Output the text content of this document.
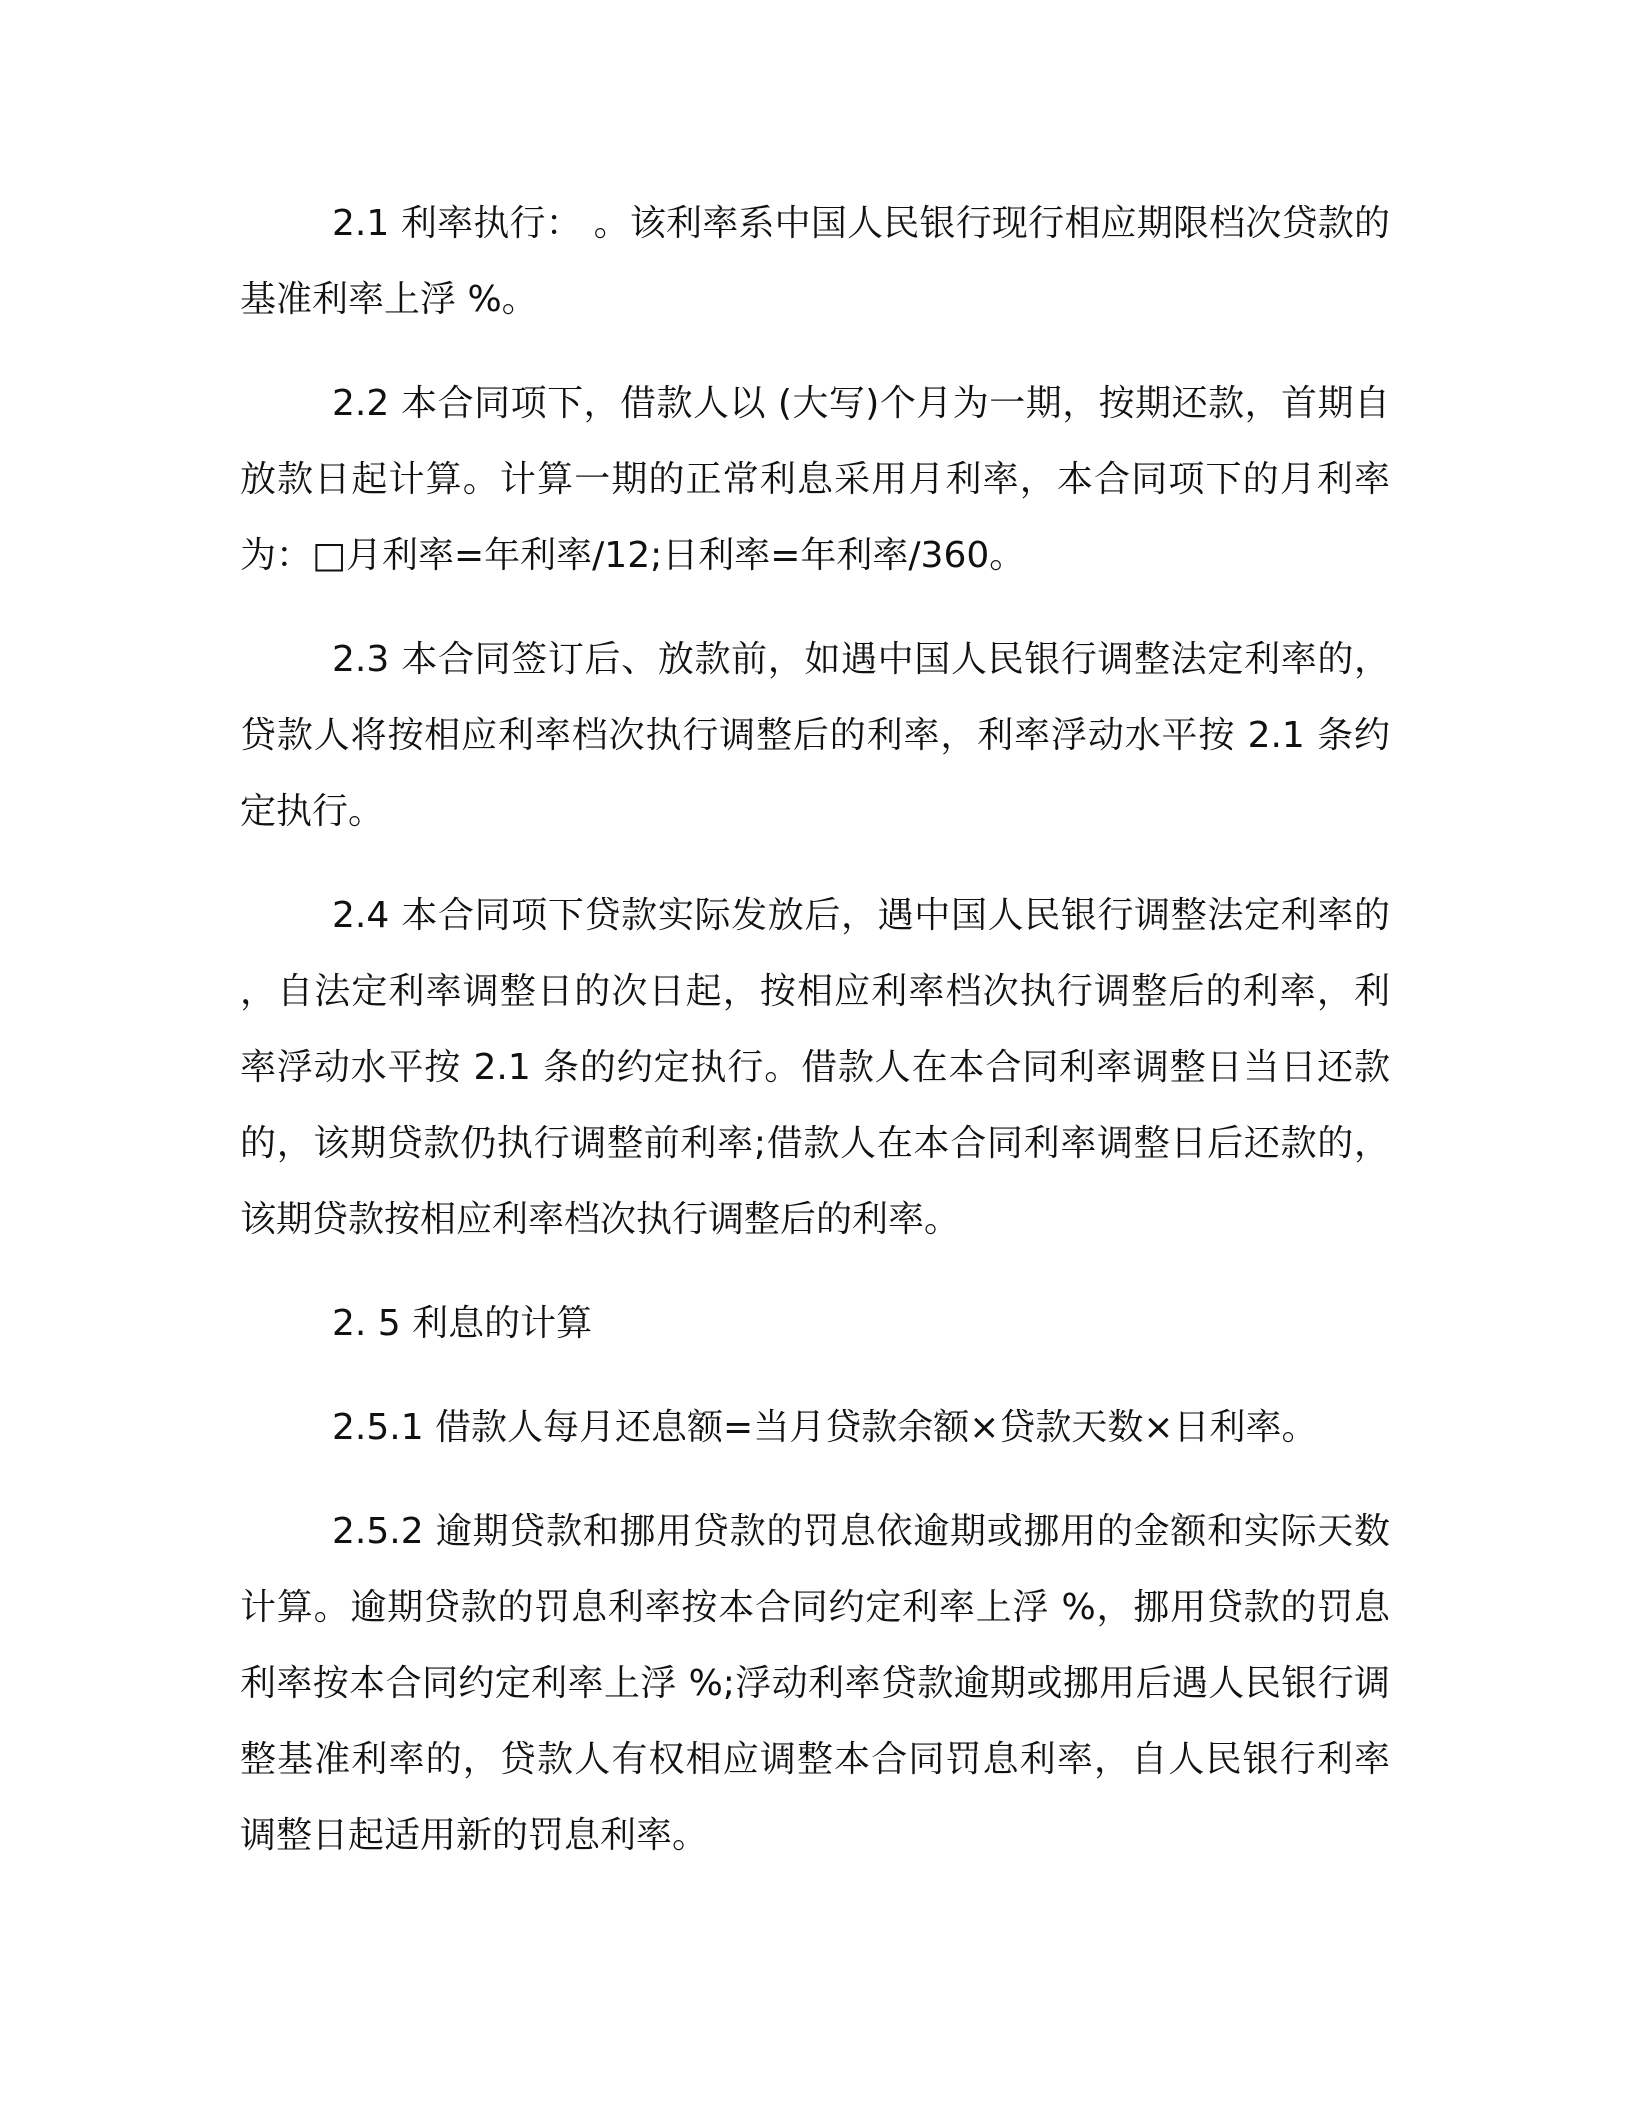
2.1 利率执行： 。该利率系中国人民银行现行相应期限档次贷款的基准利率上浮 %。

2.2 本合同项下，借款人以 (大写)个月为一期，按期还款，首期自放款日起计算。计算一期的正常利息采用月利率，本合同项下的月利率为：□月利率=年利率/12;日利率=年利率/360。

2.3 本合同签订后、放款前，如遇中国人民银行调整法定利率的，贷款人将按相应利率档次执行调整后的利率，利率浮动水平按 2.1 条约定执行。

2.4 本合同项下贷款实际发放后，遇中国人民银行调整法定利率的，自法定利率调整日的次日起，按相应利率档次执行调整后的利率，利率浮动水平按 2.1 条的约定执行。借款人在本合同利率调整日当日还款的，该期贷款仍执行调整前利率;借款人在本合同利率调整日后还款的，该期贷款按相应利率档次执行调整后的利率。

2. 5 利息的计算

2.5.1 借款人每月还息额=当月贷款余额×贷款天数×日利率。

2.5.2 逾期贷款和挪用贷款的罚息依逾期或挪用的金额和实际天数计算。逾期贷款的罚息利率按本合同约定利率上浮 %，挪用贷款的罚息利率按本合同约定利率上浮 %;浮动利率贷款逾期或挪用后遇人民银行调整基准利率的，贷款人有权相应调整本合同罚息利率，自人民银行利率调整日起适用新的罚息利率。
